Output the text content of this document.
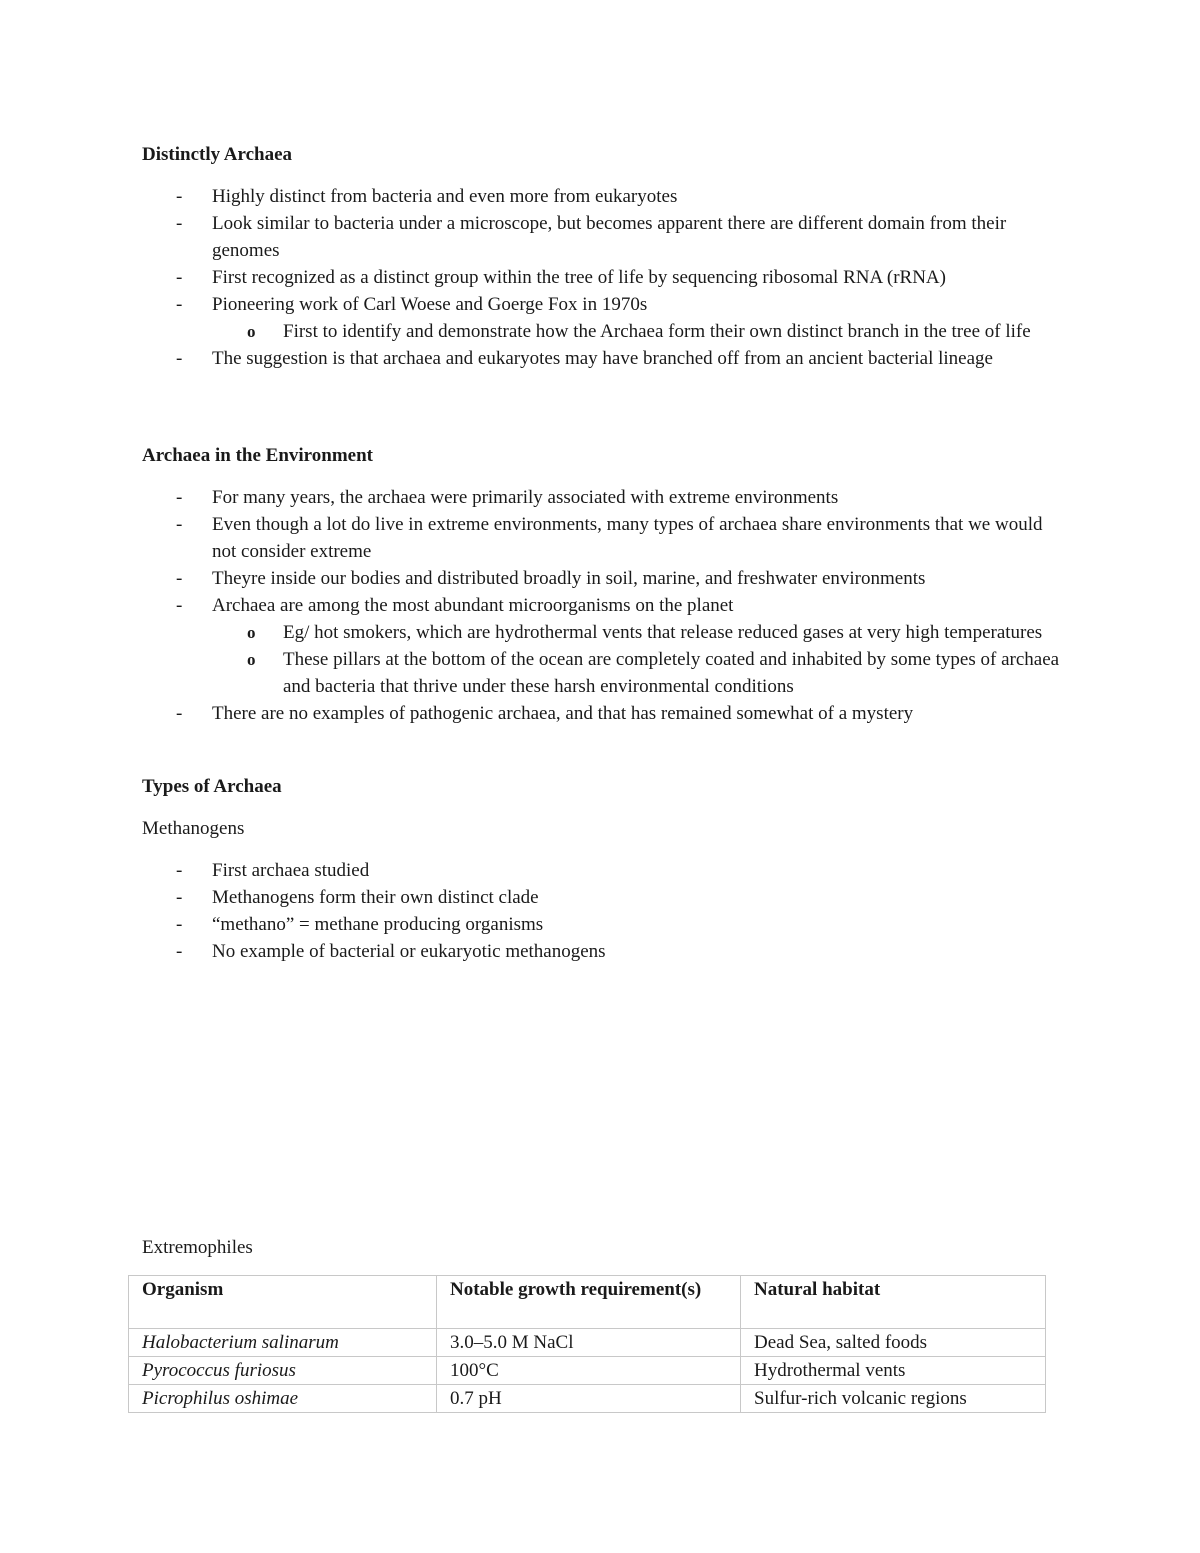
Distinctly Archaea
- Highly distinct from bacteria and even more from eukaryotes
- Look similar to bacteria under a microscope, but becomes apparent there are different domain from their genomes
- First recognized as a distinct group within the tree of life by sequencing ribosomal RNA (rRNA)
- Pioneering work of Carl Woese and Goerge Fox in 1970s
o First to identify and demonstrate how the Archaea form their own distinct branch in the tree of life
- The suggestion is that archaea and eukaryotes may have branched off from an ancient bacterial lineage
Archaea in the Environment
- For many years, the archaea were primarily associated with extreme environments
- Even though a lot do live in extreme environments, many types of archaea share environments that we would not consider extreme
- Theyre inside our bodies and distributed broadly in soil, marine, and freshwater environments
- Archaea are among the most abundant microorganisms on the planet
o Eg/ hot smokers, which are hydrothermal vents that release reduced gases at very high temperatures
o These pillars at the bottom of the ocean are completely coated and inhabited by some types of archaea and bacteria that thrive under these harsh environmental conditions
- There are no examples of pathogenic archaea, and that has remained somewhat of a mystery
Types of Archaea

Methanogens

- First archaea studied
- Methanogens form their own distinct clade
- “methano” = methane producing organisms
- No example of bacterial or eukaryotic methanogens

Extremophiles

Organism	Notable growth requirement(s)	Natural habitat
Halobacterium salinarum	3.0–5.0 M NaCl	Dead Sea, salted foods
Pyrococcus furiosus	100°C	Hydrothermal vents
Picrophilus oshimae	0.7 pH	Sulfur-rich volcanic regions
